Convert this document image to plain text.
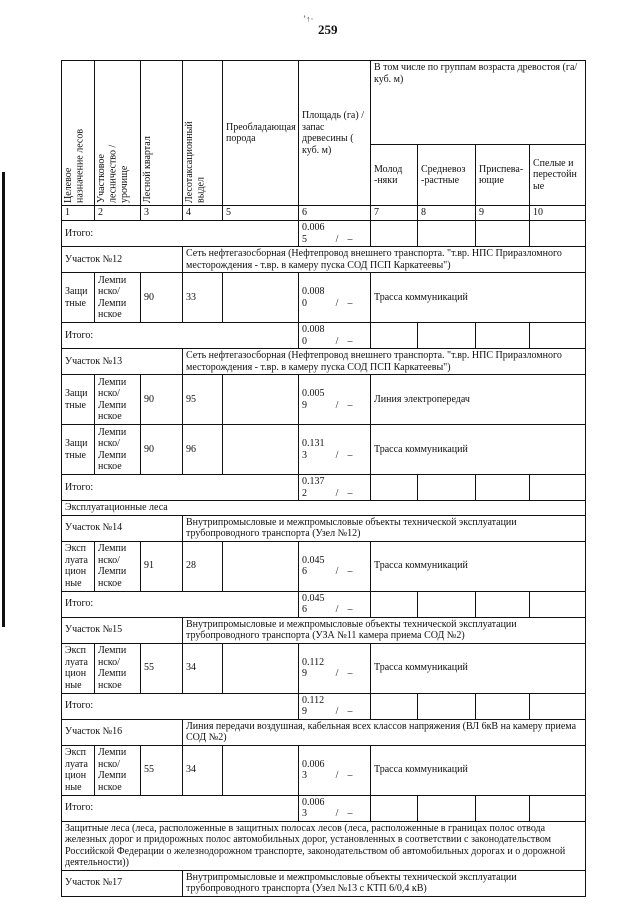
’↑·
259
Целевое назначение лесов	Участковое лесничество / урочище	Лесной квартал	Лесотаксационный выдел	Преобладающая порода	Площадь (га) / запас древесины ( куб. м)	В том числе по группам возраста древостоя (га/ куб. м)			
						Молод -няки	Средневоз -растные	Приспева- ющие	Спелые и перестойн ые
1	2	3	4	5	6	7	8	9	10
Итого:					0.006 5 / –				
Участок №12			Сеть нефтегазосборная (Нефтепровод внешнего транспорта. "т.вр. НПС Приразломного месторождения - т.вр. в камеру пуска СОД ПСП Каркатеевы")						
Защи тные	Лемпи нско/ Лемпи нское	90	33		0.008 0 / –	Трасса коммуникаций			
Итого:					0.008 0 / –				
Участок №13			Сеть нефтегазосборная (Нефтепровод внешнего транспорта. "т.вр. НПС Приразломного месторождения - т.вр. в камеру пуска СОД ПСП Каркатеевы")						
Защи тные	Лемпи нско/ Лемпи нское	90	95		0.005 9 / –	Линия электропередач			
Защи тные	Лемпи нско/ Лемпи нское	90	96		0.131 3 / –	Трасса коммуникаций			
Итого:					0.137 2 / –				
Эксплуатационные леса									
Участок №14			Внутрипромысловые и межпромысловые объекты технической эксплуатации трубопроводного транспорта (Узел №12)						
Эксп луата цион ные	Лемпи нско/ Лемпи нское	91	28		0.045 6 / –	Трасса коммуникаций			
Итого:					0.045 6 / –				
Участок №15			Внутрипромысловые и межпромысловые объекты технической эксплуатации трубопроводного транспорта (УЗА №11 камера приема СОД №2)						
Эксп луата цион ные	Лемпи нско/ Лемпи нское	55	34		0.112 9 / –	Трасса коммуникаций			
Итого:					0.112 9 / –				
Участок №16			Линия передачи воздушная, кабельная всех классов напряжения (ВЛ 6кВ на камеру приема СОД №2)						
Эксп луата цион ные	Лемпи нско/ Лемпи нское	55	34		0.006 3 / –	Трасса коммуникаций			
Итого:					0.006 3 / –				
Защитные леса (леса, расположенные в защитных полосах лесов (леса, расположенные в границах полос отвода железных дорог и придорожных полос автомобильных дорог, установленных в соответствии с законодательством Российской Федерации о железнодорожном транспорте, законодательством об автомобильных дорогах и о дорожной деятельности))									
Участок №17			Внутрипромысловые и межпромысловые объекты технической эксплуатации трубопроводного транспорта (Узел №13 с КТП 6/0,4 кВ)						
